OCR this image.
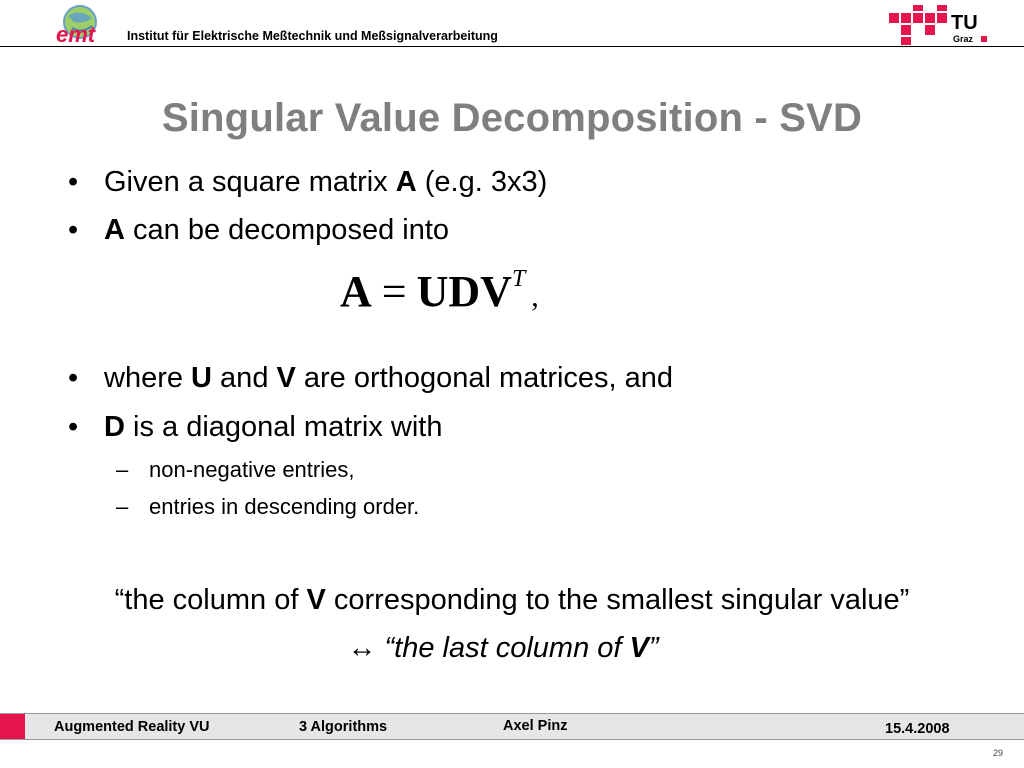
emt	Institut für Elektrische Meßtechnik und Meßsignalverarbeitung
TU
Graz
Singular Value Decomposition - SVD
• Given a square matrix A (e.g. 3x3)
• A can be decomposed into
$A = UDV^T$,
• where U and V are orthogonal matrices, and
• D is a diagonal matrix with
– non-negative entries,
– entries in descending order.
“the column of V corresponding to the smallest singular value”
↔ “the last column of V”
Augmented Reality VU	3 Algorithms	Axel Pinz	15.4.2008
29
